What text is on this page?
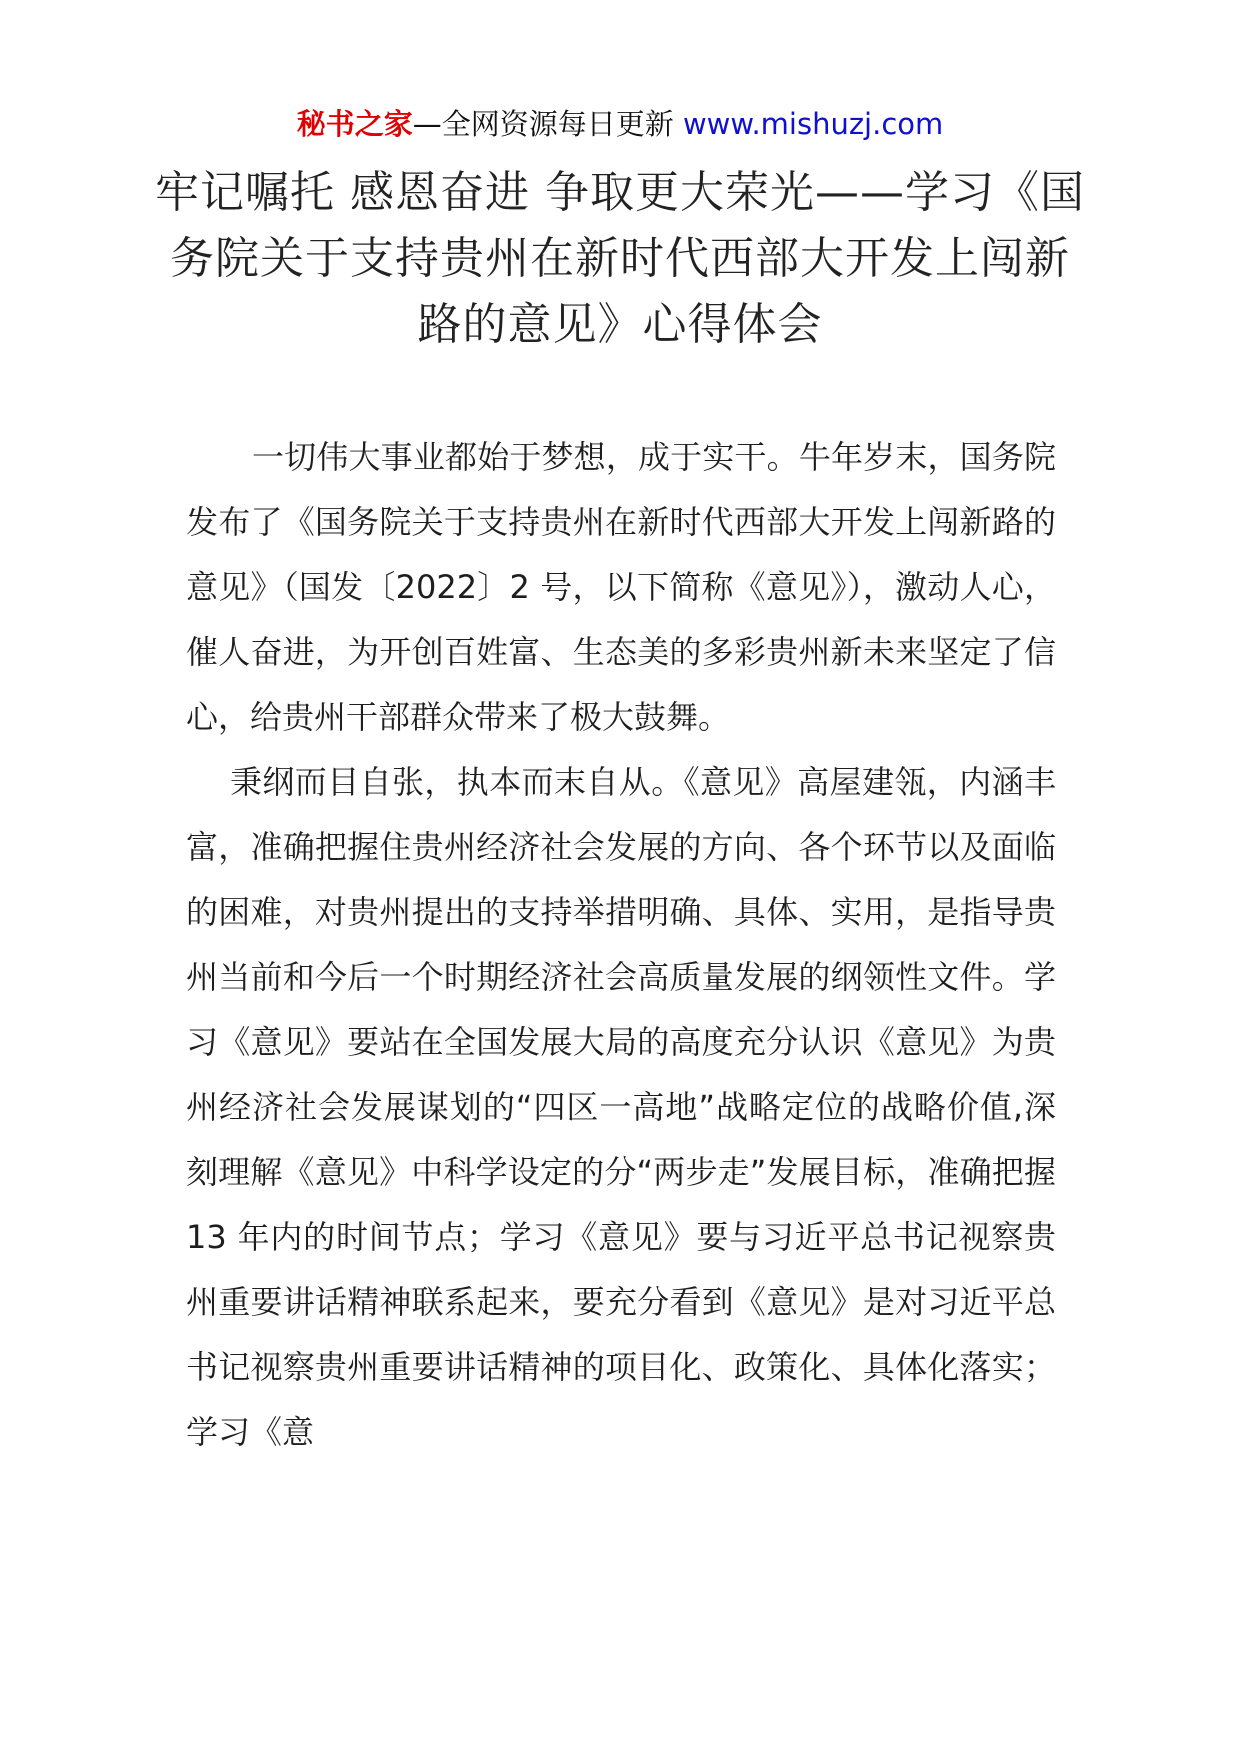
秘书之家—全网资源每日更新 www.mishuzj.com
牢记嘱托 感恩奋进 争取更大荣光——学习《国务院关于支持贵州在新时代西部大开发上闯新路的意见》心得体会

一切伟大事业都始于梦想，成于实干。牛年岁末，国务院发布了《国务院关于支持贵州在新时代西部大开发上闯新路的意见》（国发〔2022〕2 号，以下简称《意见》），激动人心，催人奋进，为开创百姓富、生态美的多彩贵州新未来坚定了信心，给贵州干部群众带来了极大鼓舞。

秉纲而目自张，执本而末自从。《意见》高屋建瓴，内涵丰富，准确把握住贵州经济社会发展的方向、各个环节以及面临的困难，对贵州提出的支持举措明确、具体、实用，是指导贵州当前和今后一个时期经济社会高质量发展的纲领性文件。学习《意见》要站在全国发展大局的高度充分认识《意见》为贵州经济社会发展谋划的“四区一高地”战略定位的战略价值,深刻理解《意见》中科学设定的分“两步走”发展目标，准确把握 13 年内的时间节点；学习《意见》要与习近平总书记视察贵州重要讲话精神联系起来，要充分看到《意见》是对习近平总书记视察贵州重要讲话精神的项目化、政策化、具体化落实；学习《意
